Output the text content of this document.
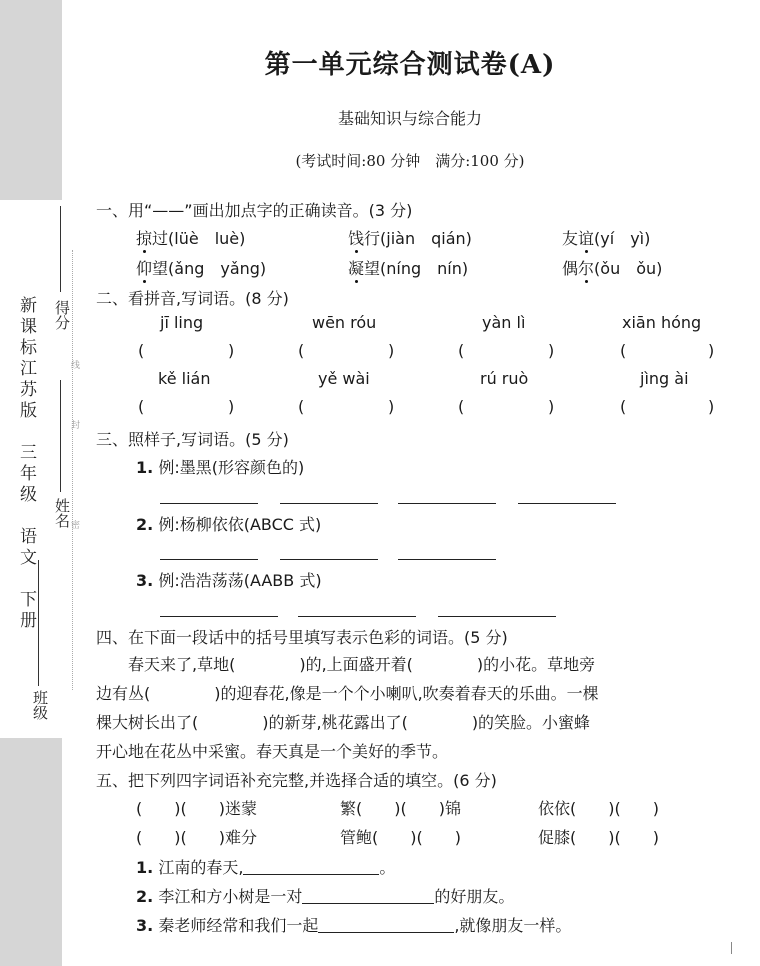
新课标江苏版　三年级　语文　下册 得分
姓名
班级
线
封
密
第一单元综合测试卷(A)
基础知识与综合能力
(考试时间:80 分钟　满分:100 分)
一、用“——”画出加点字的正确读音。(3 分)
掠过(lüè　luè)	饯行(jiàn　qián)	友谊(yí　yì)
仰望(ǎng　yǎng)	凝望(níng　nín)	偶尔(ǒu　ǒu)
二、看拼音,写词语。(8 分)
jī ling	wēn róu	yàn lì	xiān hóng
(	)	(	)	(	)	(	)
kě lián	yě wài	rú ruò	jìng ài
(	)	(	)	(	)	(	)
三、照样子,写词语。(5 分)
1. 例:墨黑(形容颜色的)
2. 例:杨柳依依(ABCC 式)
3. 例:浩浩荡荡(AABB 式)
四、在下面一段话中的括号里填写表示色彩的词语。(5 分)
　　春天来了,草地(　　　　)的,上面盛开着(　　　　)的小花。草地旁
边有丛(　　　　)的迎春花,像是一个个小喇叭,吹奏着春天的乐曲。一棵
棵大树长出了(　　　　)的新芽,桃花露出了(　　　　)的笑脸。小蜜蜂
开心地在花丛中采蜜。春天真是一个美好的季节。
五、把下列四字词语补充完整,并选择合适的填空。(6 分)
(　　)(　　)迷蒙	繁(　　)(　　)锦	依依(　　)(　　)
(　　)(　　)难分	管鲍(　　)(　　)	促膝(　　)(　　)
1. 江南的春天,	。
2. 李江和方小树是一对	的好朋友。
3. 秦老师经常和我们一起	,就像朋友一样。
